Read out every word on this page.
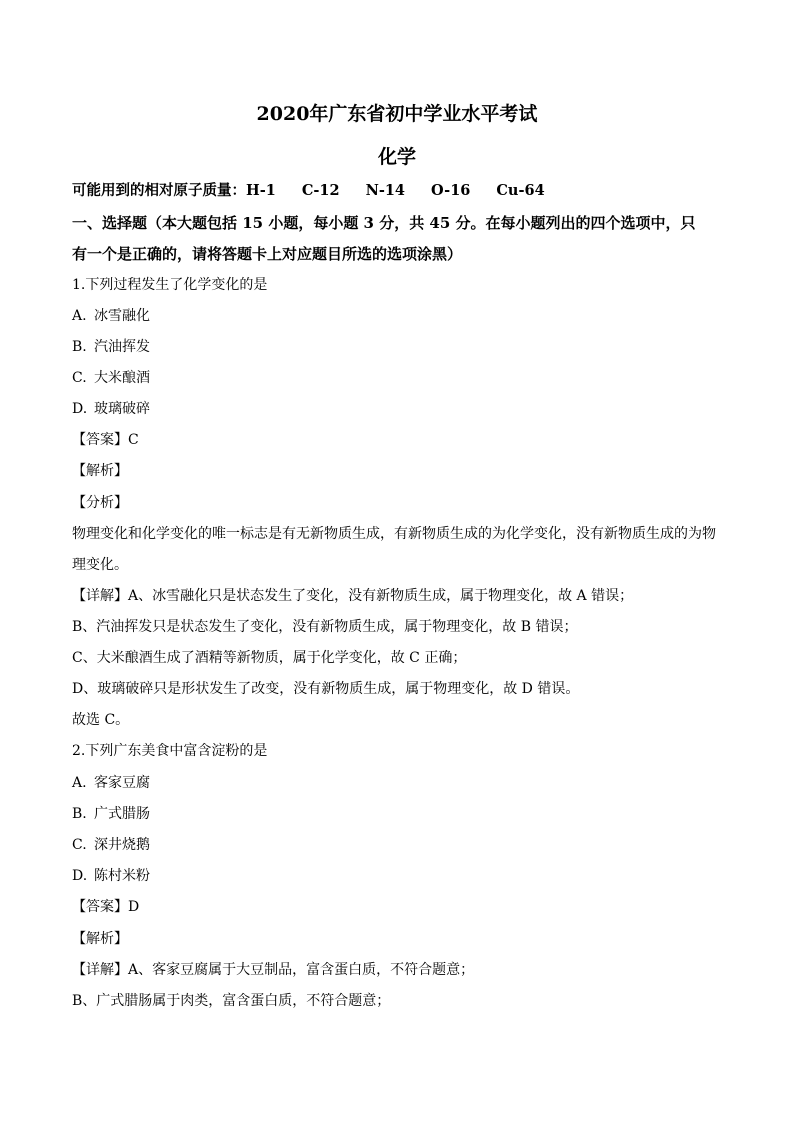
2020年广东省初中学业水平考试
化学
可能用到的相对原子质量：H-1 C-12 N-14 O-16 Cu-64
一、选择题（本大题包括 15 小题，每小题 3 分，共 45 分。在每小题列出的四个选项中，只
有一个是正确的，请将答题卡上对应题目所选的选项涂黑）
1.下列过程发生了化学变化的是
A. 冰雪融化
B. 汽油挥发
C. 大米酿酒
D. 玻璃破碎
【答案】C
【解析】
【分析】
物理变化和化学变化的唯一标志是有无新物质生成，有新物质生成的为化学变化，没有新物质生成的为物
理变化。
【详解】A、冰雪融化只是状态发生了变化，没有新物质生成，属于物理变化，故 A 错误；
B、汽油挥发只是状态发生了变化，没有新物质生成，属于物理变化，故 B 错误；
C、大米酿酒生成了酒精等新物质，属于化学变化，故 C 正确；
D、玻璃破碎只是形状发生了改变，没有新物质生成，属于物理变化，故 D 错误。
故选 C。
2.下列广东美食中富含淀粉的是
A. 客家豆腐
B. 广式腊肠
C. 深井烧鹅
D. 陈村米粉
【答案】D
【解析】
【详解】A、客家豆腐属于大豆制品，富含蛋白质，不符合题意；
B、广式腊肠属于肉类，富含蛋白质，不符合题意；
